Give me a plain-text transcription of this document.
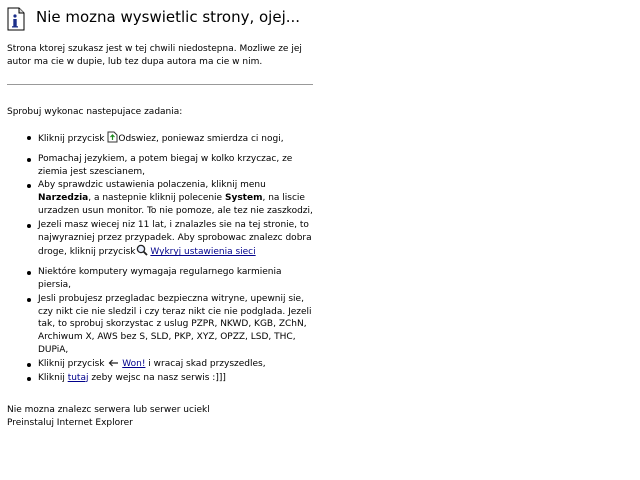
Nie mozna wyswietlic strony, ojej...
Strona ktorej szukasz jest w tej chwili niedostepna. Mozliwe ze jej autor ma cie w dupie, lub tez dupa autora ma cie w nim.
Sprobuj wykonac nastepujace zadania:
Kliknij przycisk Odswiez, poniewaz smierdza ci nogi,
Pomachaj jezykiem, a potem biegaj w kolko krzyczac, ze ziemia jest szescianem,
Aby sprawdzic ustawienia polaczenia, kliknij menu Narzedzia, a nastepnie kliknij polecenie System, na liscie urzadzen usun monitor. To nie pomoze, ale tez nie zaszkodzi,
Jezeli masz wiecej niz 11 lat, i znalazles sie na tej stronie, to najwyrazniej przez przypadek. Aby sprobowac znalezc dobra droge, kliknij przycisk Wykryj ustawienia sieci
Niektóre komputery wymagaja regularnego karmienia piersia,
Jesli probujesz przegladac bezpieczna witryne, upewnij sie, czy nikt cie nie sledzil i czy teraz nikt cie nie podglada. Jezeli tak, to sprobuj skorzystac z uslug PZPR, NKWD, KGB, ZChN, Archiwum X, AWS bez S, SLD, PKP, XYZ, OPZZ, LSD, THC, DUPiA,
Kliknij przycisk  Won! i wracaj skad przyszedles,
Kliknij tutaj zeby wejsc na nasz serwis :]]]
Nie mozna znalezc serwera lub serwer uciekl
Preinstaluj Internet Explorer
